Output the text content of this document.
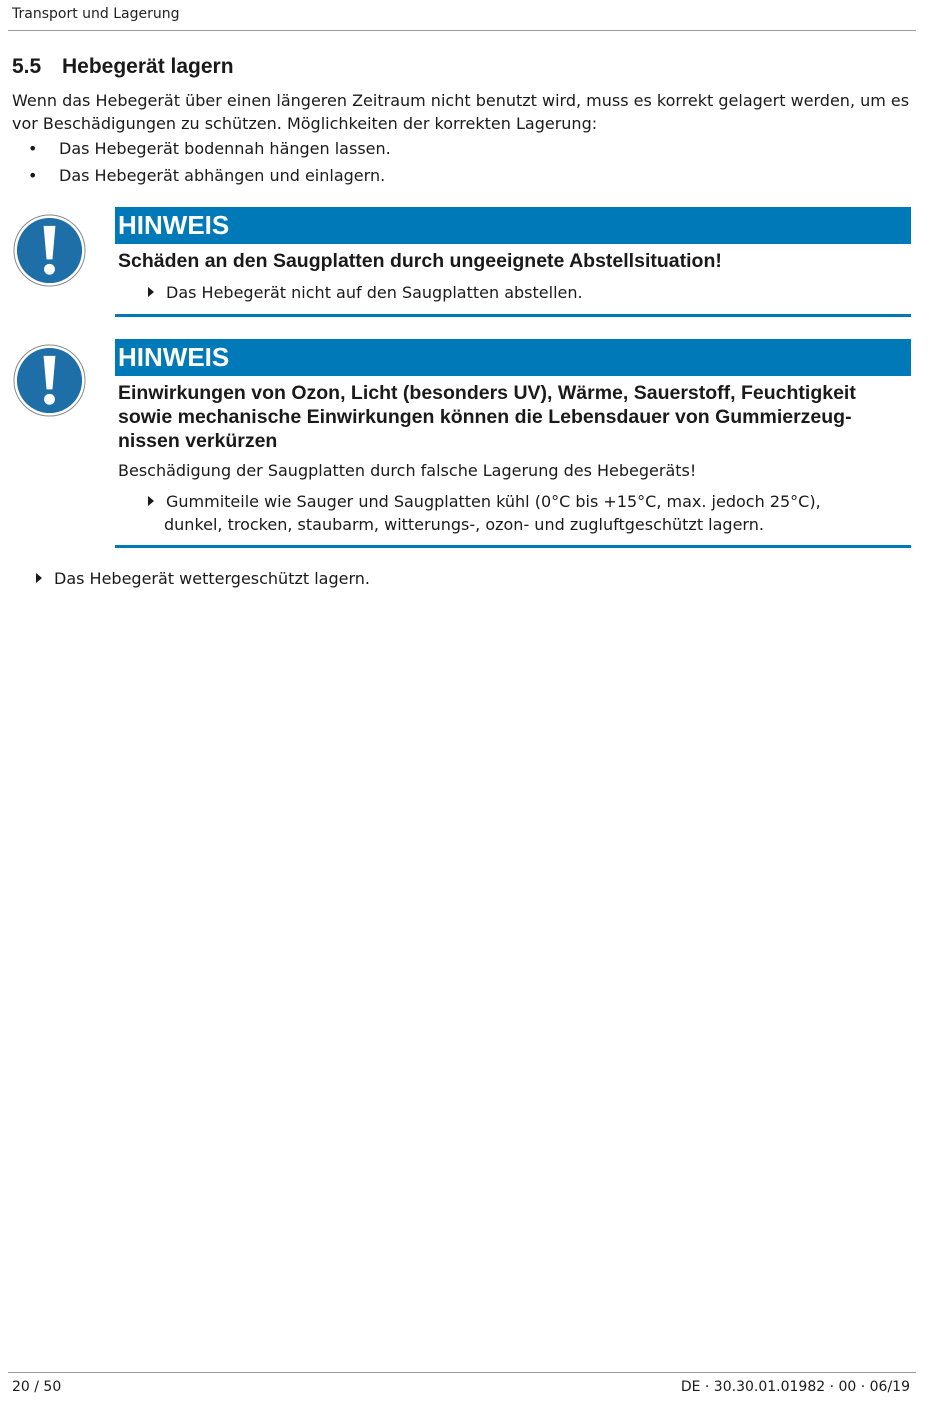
Transport und Lagerung
5.5 Hebegerät lagern

Wenn das Hebegerät über einen längeren Zeitraum nicht benutzt wird, muss es korrekt gelagert werden, um es vor Beschädigungen zu schützen. Möglichkeiten der korrekten Lagerung:

• Das Hebegerät bodennah hängen lassen.
• Das Hebegerät abhängen und einlagern.
HINWEIS

Schäden an den Saugplatten durch ungeeignete Abstellsituation!

Das Hebegerät nicht auf den Saugplatten abstellen.
HINWEIS

Einwirkungen von Ozon, Licht (besonders UV), Wärme, Sauerstoff, Feuchtigkeit sowie mechanische Einwirkungen können die Lebensdauer von Gummierzeug- nissen verkürzen

Beschädigung der Saugplatten durch falsche Lagerung des Hebegeräts!
Gummiteile wie Sauger und Saugplatten kühl (0°C bis +15°C, max. jedoch 25°C),
dunkel, trocken, staubarm, witterungs-, ozon- und zugluftgeschützt lagern.
Das Hebegerät wettergeschützt lagern.
20 / 50	DE · 30.30.01.01982 · 00 · 06/19
